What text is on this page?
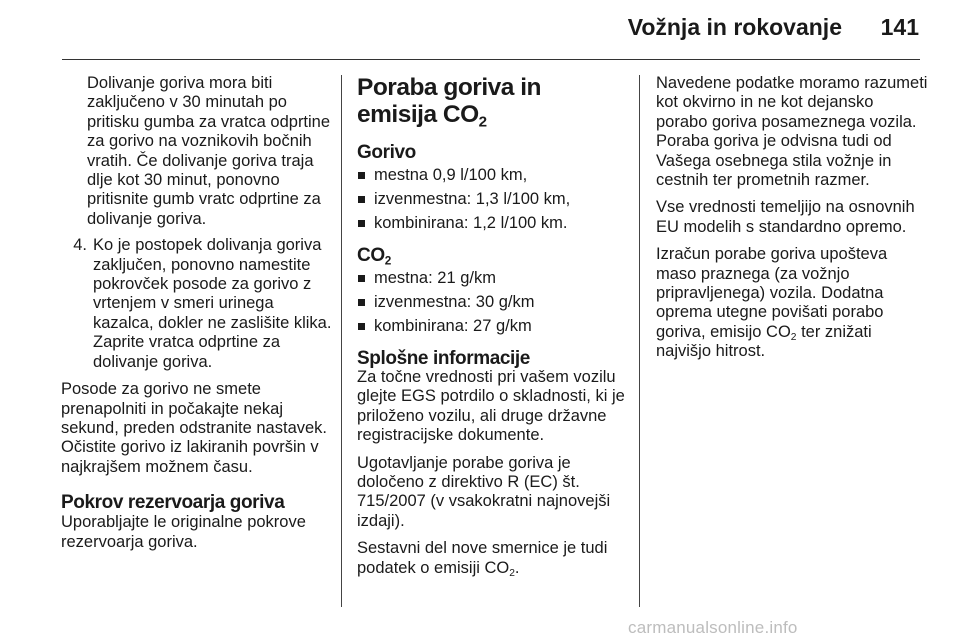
Vožnja in rokovanje 141

Dolivanje goriva mora biti zaključeno v 30 minutah po pritisku gumba za vratca odprtine za gorivo na voznikovih bočnih vratih. Če dolivanje goriva traja dlje kot 30 minut, ponovno pritisnite gumb vratc odprtine za dolivanje goriva.

4. Ko je postopek dolivanja goriva zaključen, ponovno namestite pokrovček posode za gorivo z vrtenjem v smeri urinega kazalca, dokler ne zaslišite klika. Zaprite vratca odprtine za dolivanje goriva.

Posode za gorivo ne smete prenapolniti in počakajte nekaj sekund, preden odstranite nastavek. Očistite gorivo iz lakiranih površin v najkrajšem možnem času.

Pokrov rezervoarja goriva

Uporabljajte le originalne pokrove rezervoarja goriva.

Poraba goriva in
emisija $CO_2$
Gorivo
mestna 0,9 l/100 km,
izvenmestna: 1,3 l/100 km,
kombinirana: 1,2 l/100 km.
$CO_2$
mestna: 21 g/km
izvenmestna: 30 g/km
kombinirana: 27 g/km
Splošne informacije

Za točne vrednosti pri vašem vozilu glejte EGS potrdilo o skladnosti, ki je priloženo vozilu, ali druge državne registracijske dokumente.

Ugotavljanje porabe goriva je določeno z direktivo R (EC) št. 715/2007 (v vsakokratni najnovejši izdaji).

Sestavni del nove smernice je tudi podatek o emisiji $CO_2$.

Navedene podatke moramo razumeti kot okvirno in ne kot dejansko porabo goriva posameznega vozila. Poraba goriva je odvisna tudi od Vašega osebnega stila vožnje in cestnih ter prometnih razmer.

Vse vrednosti temeljijo na osnovnih EU modelih s standardno opremo.

Izračun porabe goriva upošteva maso praznega (za vožnjo pripravljenega) vozila. Dodatna oprema utegne povišati porabo goriva, emisijo $CO_2$ ter znižati najvišjo hitrost.

carmanualsonline.info
